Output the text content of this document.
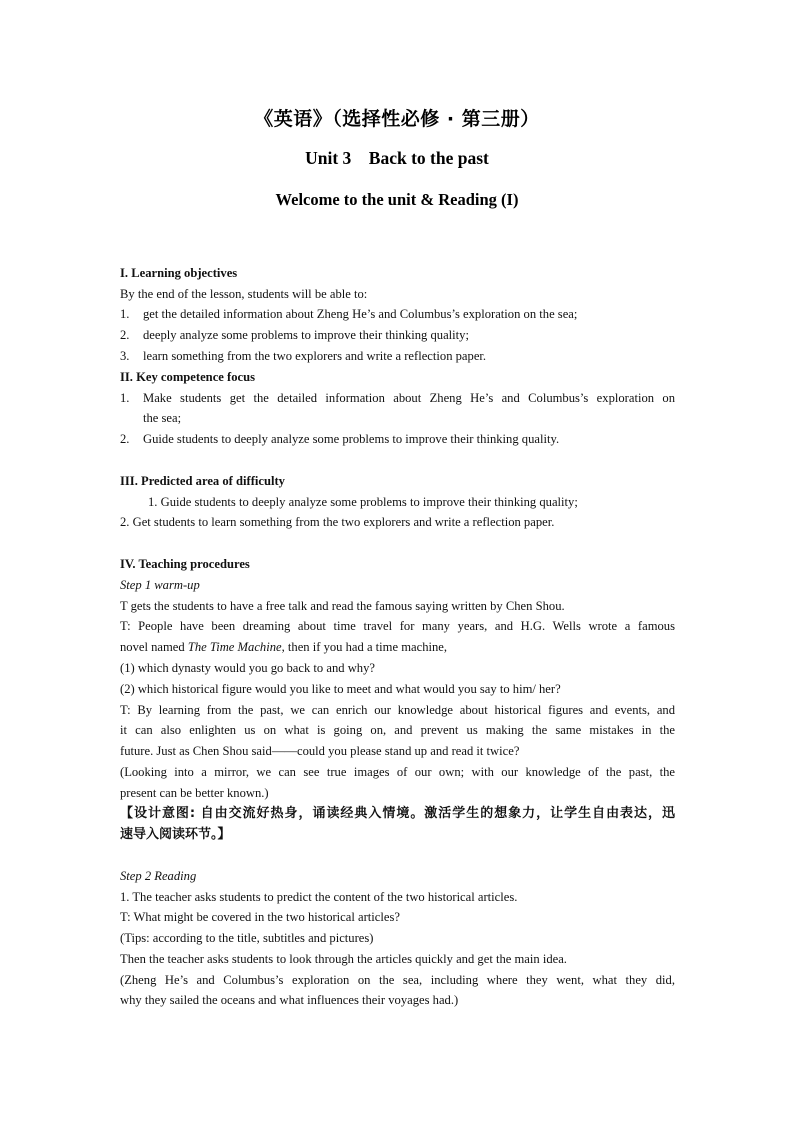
《英语》（选择性必修 · 第三册）
Unit 3    Back to the past
Welcome to the unit & Reading (I)
I. Learning objectives
By the end of the lesson, students will be able to:
1. get the detailed information about Zheng He’s and Columbus’s exploration on the sea;
2. deeply analyze some problems to improve their thinking quality;
3. learn something from the two explorers and write a reflection paper.
II. Key competence focus
1. Make students get the detailed information about Zheng He’s and Columbus’s exploration on
the sea;
2. Guide students to deeply analyze some problems to improve their thinking quality.
III. Predicted area of difficulty
1. Guide students to deeply analyze some problems to improve their thinking quality;
2. Get students to learn something from the two explorers and write a reflection paper.
IV. Teaching procedures
Step 1 warm-up
T gets the students to have a free talk and read the famous saying written by Chen Shou.
T: People have been dreaming about time travel for many years, and H.G. Wells wrote a famous
novel named The Time Machine, then if you had a time machine,
(1) which dynasty would you go back to and why?
(2) which historical figure would you like to meet and what would you say to him/ her?
T: By learning from the past, we can enrich our knowledge about historical figures and events, and
it can also enlighten us on what is going on, and prevent us making the same mistakes in the
future. Just as Chen Shou said——could you please stand up and read it twice?
(Looking into a mirror, we can see true images of our own; with our knowledge of the past, the
present can be better known.)
【设计意图: 自由交流好热身，诵读经典入情境。激活学生的想象力，让学生自由表达，迅
速导入阅读环节。】
Step 2 Reading
1. The teacher asks students to predict the content of the two historical articles.
T: What might be covered in the two historical articles?
(Tips: according to the title, subtitles and pictures)
Then the teacher asks students to look through the articles quickly and get the main idea.
(Zheng He’s and Columbus’s exploration on the sea, including where they went, what they did,
why they sailed the oceans and what influences their voyages had.)
